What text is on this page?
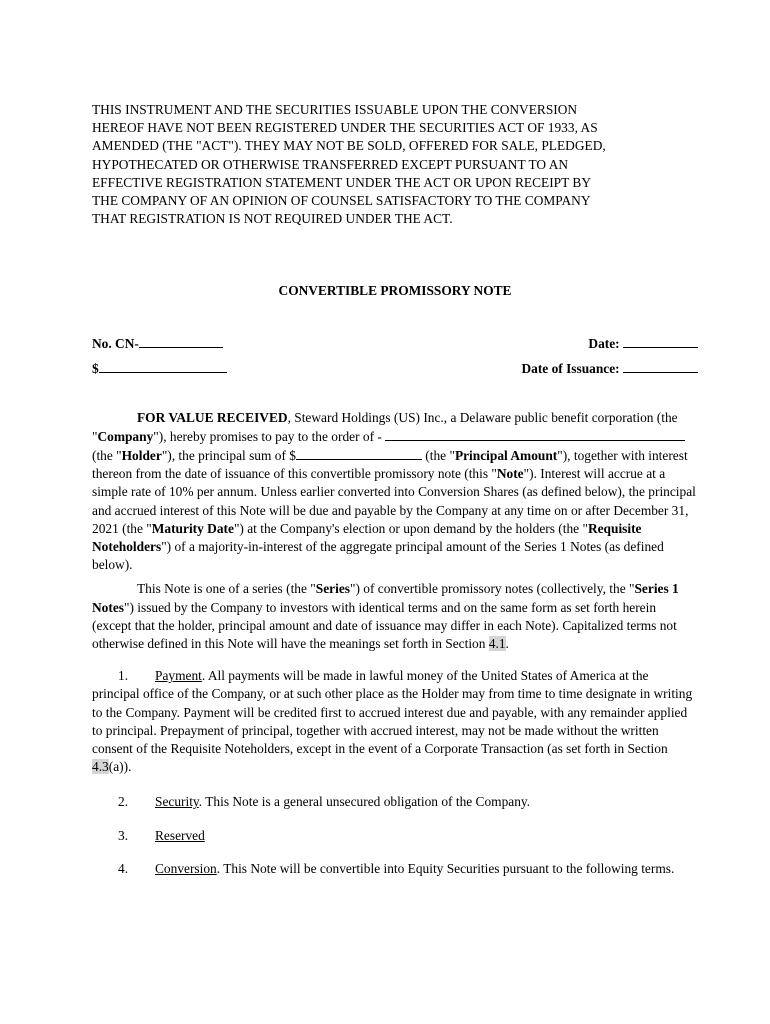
THIS INSTRUMENT AND THE SECURITIES ISSUABLE UPON THE CONVERSION
HEREOF HAVE NOT BEEN REGISTERED UNDER THE SECURITIES ACT OF 1933, AS
AMENDED (THE "ACT"). THEY MAY NOT BE SOLD, OFFERED FOR SALE, PLEDGED,
HYPOTHECATED OR OTHERWISE TRANSFERRED EXCEPT PURSUANT TO AN
EFFECTIVE REGISTRATION STATEMENT UNDER THE ACT OR UPON RECEIPT BY
THE COMPANY OF AN OPINION OF COUNSEL SATISFACTORY TO THE COMPANY
THAT REGISTRATION IS NOT REQUIRED UNDER THE ACT.
CONVERTIBLE PROMISSORY NOTE
No. CN-	Date:
$	Date of Issuance:

FOR VALUE RECEIVED, Steward Holdings (US) Inc., a Delaware public benefit corporation (the "Company"), hereby promises to pay to the order of -  (the "Holder"), the principal sum of $	(the "Principal Amount"), together with interest thereon from the date of issuance of this convertible promissory note (this "Note"). Interest will accrue at a simple rate of 10% per annum. Unless earlier converted into Conversion Shares (as defined below), the principal and accrued interest of this Note will be due and payable by the Company at any time on or after December 31, 2021 (the "Maturity Date") at the Company's election or upon demand by the holders (the "Requisite Noteholders") of a majority-in-interest of the aggregate principal amount of the Series 1 Notes (as defined below).

This Note is one of a series (the "Series") of convertible promissory notes (collectively, the "Series 1 Notes") issued by the Company to investors with identical terms and on the same form as set forth herein (except that the holder, principal amount and date of issuance may differ in each Note). Capitalized terms not otherwise defined in this Note will have the meanings set forth in Section 4.1.

1. Payment. All payments will be made in lawful money of the United States of America at the principal office of the Company, or at such other place as the Holder may from time to time designate in writing to the Company. Payment will be credited first to accrued interest due and payable, with any remainder applied to principal. Prepayment of principal, together with accrued interest, may not be made without the written consent of the Requisite Noteholders, except in the event of a Corporate Transaction (as set forth in Section 4.3(a)).

2. Security. This Note is a general unsecured obligation of the Company.

3. Reserved

4. Conversion. This Note will be convertible into Equity Securities pursuant to the following terms.
